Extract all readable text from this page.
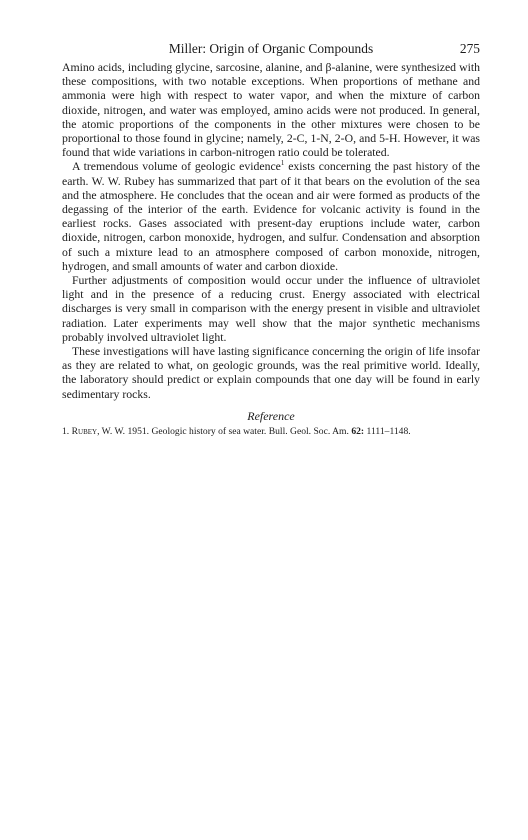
Miller: Origin of Organic Compounds	275

Amino acids, including glycine, sarcosine, alanine, and β-alanine, were synthesized with these compositions, with two notable exceptions. When proportions of methane and ammonia were high with respect to water vapor, and when the mixture of carbon dioxide, nitrogen, and water was employed, amino acids were not produced. In general, the atomic proportions of the components in the other mixtures were chosen to be proportional to those found in glycine; namely, 2-C, 1-N, 2-O, and 5-H. However, it was found that wide variations in carbon-nitrogen ratio could be tolerated.

A tremendous volume of geologic evidence$^1$ exists concerning the past history of the earth. W. W. Rubey has summarized that part of it that bears on the evolution of the sea and the atmosphere. He concludes that the ocean and air were formed as products of the degassing of the interior of the earth. Evidence for volcanic activity is found in the earliest rocks. Gases associated with present-day eruptions include water, carbon dioxide, nitrogen, carbon monoxide, hydrogen, and sulfur. Condensation and absorption of such a mixture lead to an atmosphere composed of carbon monoxide, nitrogen, hydrogen, and small amounts of water and carbon dioxide.

Further adjustments of composition would occur under the influence of ultraviolet light and in the presence of a reducing crust. Energy associated with electrical discharges is very small in comparison with the energy present in visible and ultraviolet radiation. Later experiments may well show that the major synthetic mechanisms probably involved ultraviolet light.

These investigations will have lasting significance concerning the origin of life insofar as they are related to what, on geologic grounds, was the real primitive world. Ideally, the laboratory should predict or explain compounds that one day will be found in early sedimentary rocks.

Reference
1. Rubey, W. W. 1951. Geologic history of sea water. Bull. Geol. Soc. Am. 62: 1111–1148.
